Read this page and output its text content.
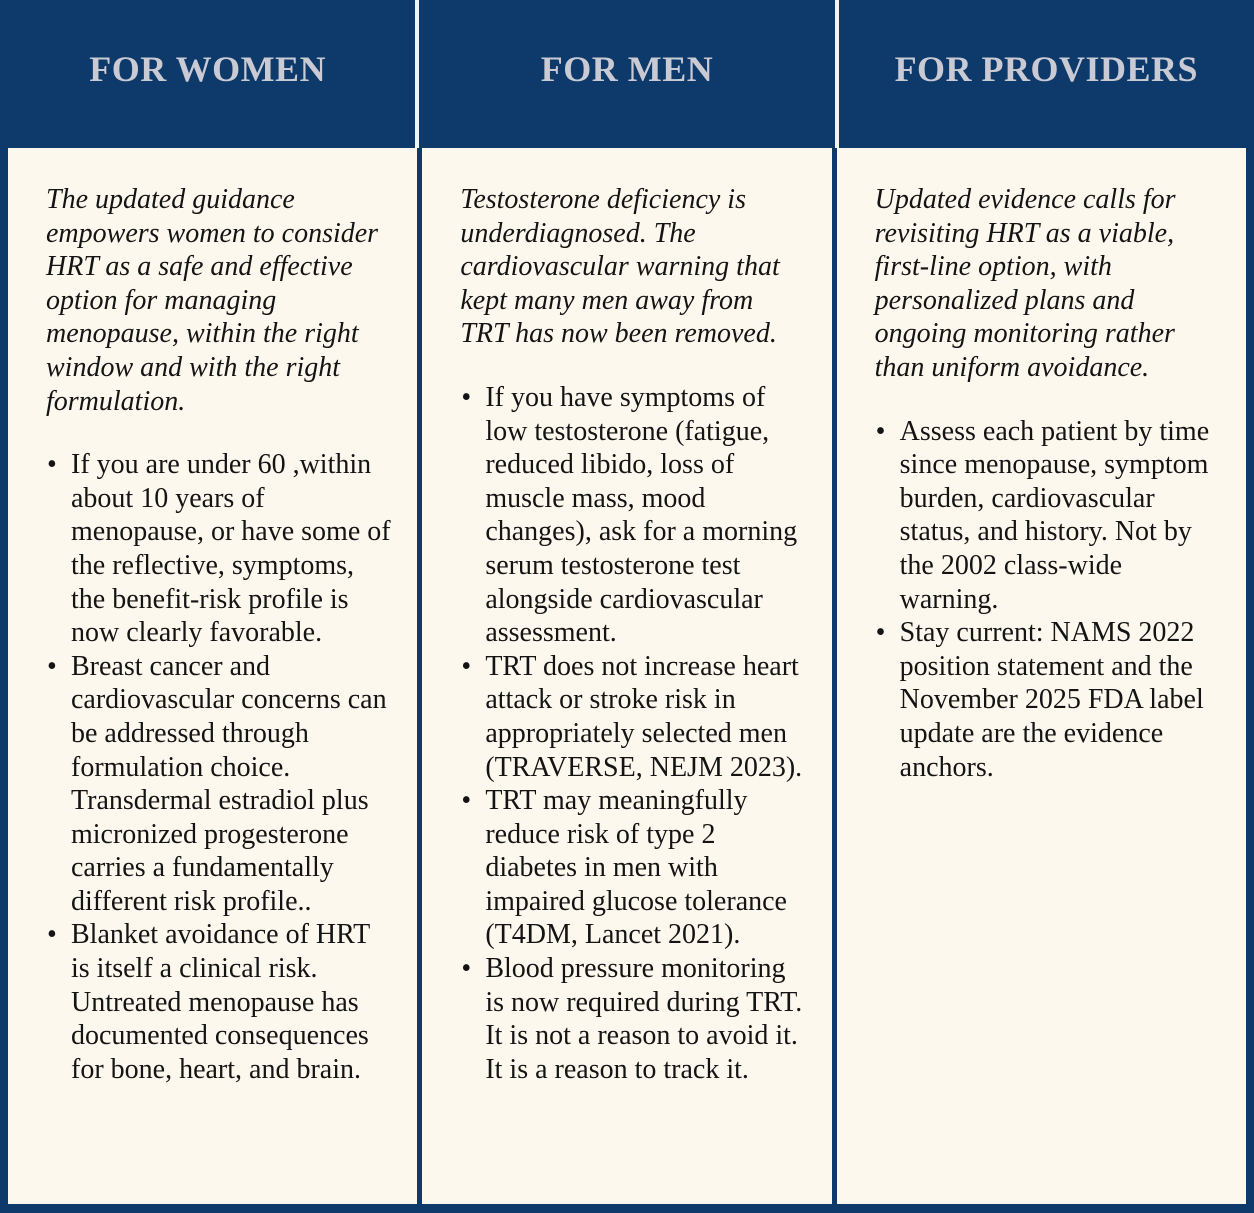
FOR WOMEN	FOR MEN	FOR PROVIDERS

The updated guidance empowers women to consider HRT as a safe and effective option for managing menopause, within the right window and with the right formulation.

• If you are under 60 ,within about 10 years of menopause, or have some of the reflective, symptoms, the benefit-risk profile is now clearly favorable.
• Breast cancer and cardiovascular concerns can be addressed through formulation choice. Transdermal estradiol plus micronized progesterone carries a fundamentally different risk profile..
• Blanket avoidance of HRT is itself a clinical risk. Untreated menopause has documented consequences for bone, heart, and brain.

Testosterone deficiency is underdiagnosed. The cardiovascular warning that kept many men away from TRT has now been removed.

• If you have symptoms of low testosterone (fatigue, reduced libido, loss of muscle mass, mood changes), ask for a morning serum testosterone test alongside cardiovascular assessment.
• TRT does not increase heart attack or stroke risk in appropriately selected men (TRAVERSE, NEJM 2023).
• TRT may meaningfully reduce risk of type 2 diabetes in men with impaired glucose tolerance (T4DM, Lancet 2021).
• Blood pressure monitoring is now required during TRT. It is not a reason to avoid it. It is a reason to track it.

Updated evidence calls for revisiting HRT as a viable, first-line option, with personalized plans and ongoing monitoring rather than uniform avoidance.

• Assess each patient by time since menopause, symptom burden, cardiovascular status, and history. Not by the 2002 class-wide warning.
• Stay current: NAMS 2022 position statement and the November 2025 FDA label update are the evidence anchors.
